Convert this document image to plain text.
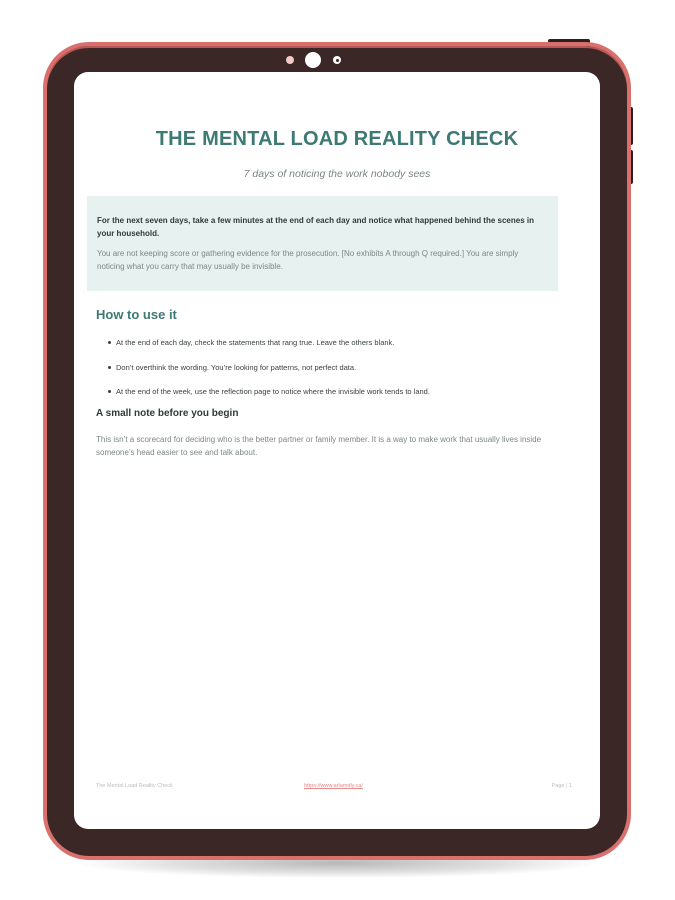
THE MENTAL LOAD REALITY CHECK
7 days of noticing the work nobody sees

For the next seven days, take a few minutes at the end of each day and notice what happened behind the scenes in your household.

You are not keeping score or gathering evidence for the prosecution. [No exhibits A through Q required.] You are simply noticing what you carry that may usually be invisible.

How to use it
At the end of each day, check the statements that rang true. Leave the others blank.
Don’t overthink the wording. You’re looking for patterns, not perfect data.
At the end of the week, use the reflection page to notice where the invisible work tends to land.
A small note before you begin

This isn’t a scorecard for deciding who is the better partner or family member. It is a way to make work that usually lives inside someone’s head easier to see and talk about.

The Mental Load Reality Check	https://www.arlamdly.ca/	Page | 1
